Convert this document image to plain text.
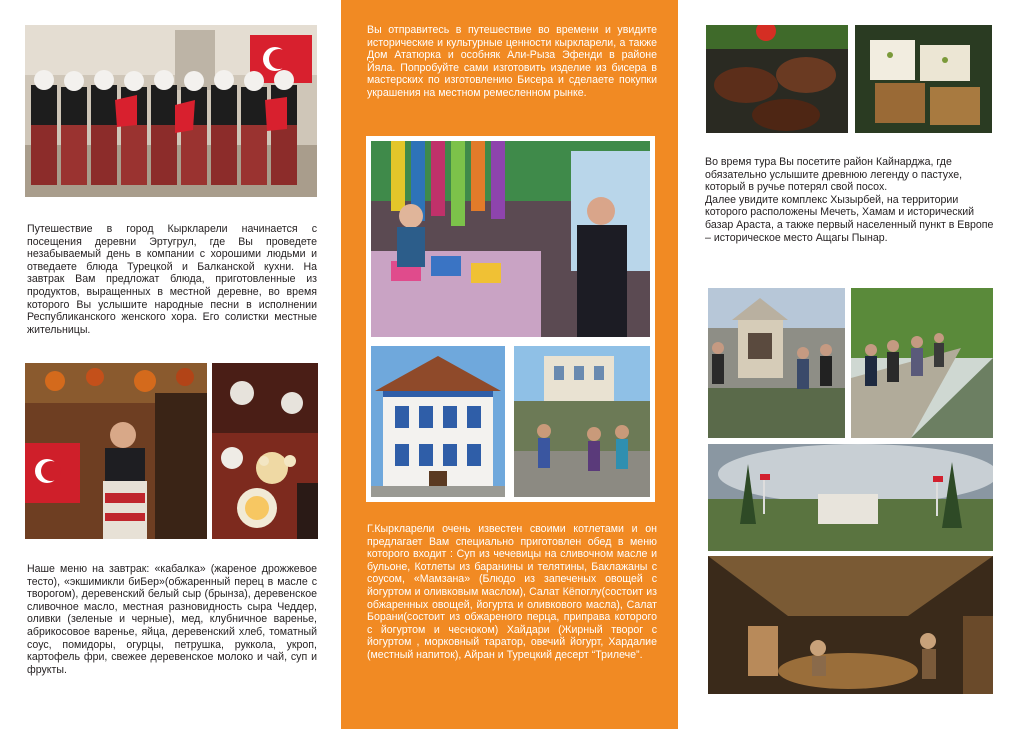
Путешествие в город Кыркларели начинается с посещения деревни Эртугрул, где Вы проведете незабываемый день в компании с хорошими людьми и отведаете блюда Турецкой и Балканской кухни. На завтрак Вам предложат блюда, приготовленные из продуктов, выращенных в местной деревне, во время которого Вы услышите народные песни в исполнении Республиканского женского хора. Его солистки местные жительницы.

Наше меню на завтрак: «кабалка» (жареное дрожжевое тесто), «экшимикли биБер»(обжаренный перец в масле с творогом), деревенский белый сыр (брынза), деревенское сливочное масло, местная разновидность сыра Чеддер, оливки (зеленые и черные), мед, клубничное варенье, абрикосовое варенье, яйца, деревенский хлеб, томатный соус, помидоры, огурцы, петрушка, руккола, укроп, картофель фри, свежее деревенское молоко и чай, суп и фрукты.

Вы отправитесь в путешествие во времени и увидите исторические и культурные ценности кыркларели, а также Дом Ататюрка и особняк Али-Рыза Эфенди в районе Йяла. Попробуйте сами изготовить изделие из бисера в мастерских по изготовлению Бисера и сделаете покупки украшения на местном ремесленном рынке.

Г.Кыркларели очень известен своими котлетами и он предлагает Вам специально приготовлен обед в меню которого входит : Суп из чечевицы на сливочном масле и бульоне, Котлеты из баранины и телятины, Баклажаны с соусом, «Мамзана» (Блюдо из запеченых овощей с йогуртом и оливковым маслом), Салат Кёпоглу(состоит из обжаренных овощей, йогурта и оливкового масла), Салат Борани(состоит из обжареного перца, приправа которого с йогуртом и чесноком) Хайдари (Жирный творог с йогуртом , морковный таратор, овечий йогурт, Хардалие (местный напиток), Айран и Турецкий десерт “Трилече”.

Во время тура Вы посетите район Кайнарджа, где обязательно услышите древнюю легенду о пастухе, который в ручье потерял свой посох.
Далее увидите комплекс Хызырбей, на территории которого расположены Мечеть, Хамам и исторический базар Араста, а также первый населенный пункт в Европе – историческое место Ащагы Пынар.
